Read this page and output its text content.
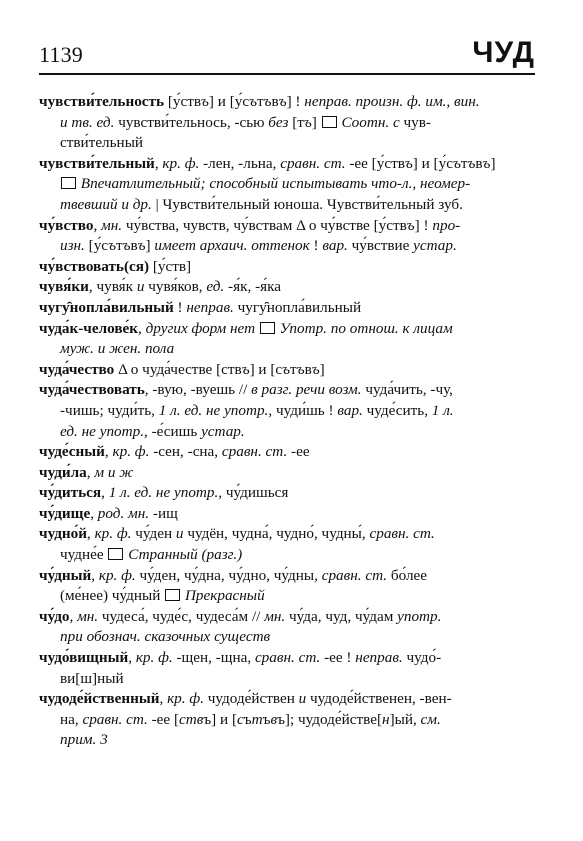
1139	ЧУД
чувстви́тельность [у́ствъ] и [у́сътъвъ] ! неправ. произн. ф. им., вин.
и тв. ед. чувстви́тельнось, -сью без [тъ]  Соотн. с чув-
стви́тельный
чувстви́тельный, кр. ф. -лен, -льна, сравн. ст. -ее [у́ствъ] и [у́сътъвъ]
Впечатлительный; способный испытывать что-л., неомер-
твевший и др. | Чувстви́тельный юноша. Чувстви́тельный зуб.
чу́вство, мн. чу́вства, чувств, чу́вствам Δ о чу́встве [у́ствъ] ! про-
изн. [у́сътъвъ] имеет архаич. оттенок ! вар. чу́вствие устар.
чу́вствовать(ся) [у́ств]
чувя́ки, чувя́к и чувя́ков, ед. -я́к, -я́ка
чугу̑нопла́вильный ! неправ. чугу̑нопла́вильный
чуда́к-челове́к, других форм нет Употр. по отнош. к лицам
муж. и жен. пола
чуда́чество Δ о чуда́честве [ствъ] и [сътъвъ]
чуда́чествовать, -вую, -вуешь // в разг. речи возм. чуда́чить, -чу,
-чишь; чуди́ть, 1 л. ед. не употр., чуди́шь ! вар. чуде́сить, 1 л.
ед. не употр., -е́сишь устар.
чуде́сный, кр. ф. -сен, -сна, сравн. ст. -ее
чуди́ла, м и ж
чу́диться, 1 л. ед. не употр., чу́дишься
чу́дище, род. мн. -ищ
чудно́й, кр. ф. чу́ден и чудён, чудна́, чудно́, чудны́, сравн. ст.
чудне́е  Странный (разг.)
чу́дный, кр. ф. чу́ден, чу́дна, чу́дно, чу́дны, сравн. ст. бо́лее
(ме́нее) чу́дный  Прекрасный
чу́до, мн. чудеса́, чуде́с, чудеса́м // мн. чу́да, чуд, чу́дам употр.
при обознач. сказочных существ
чудо́вищный, кр. ф. -щен, -щна, сравн. ст. -ее ! неправ. чудо́-
ви[ш]ный
чудоде́йственный, кр. ф. чудоде́йствен и чудоде́йственен, -вен-
на, сравн. ст. -ее [ствъ] и [сътъвъ]; чудоде́йстве[н]ый, см.
прим. 3
